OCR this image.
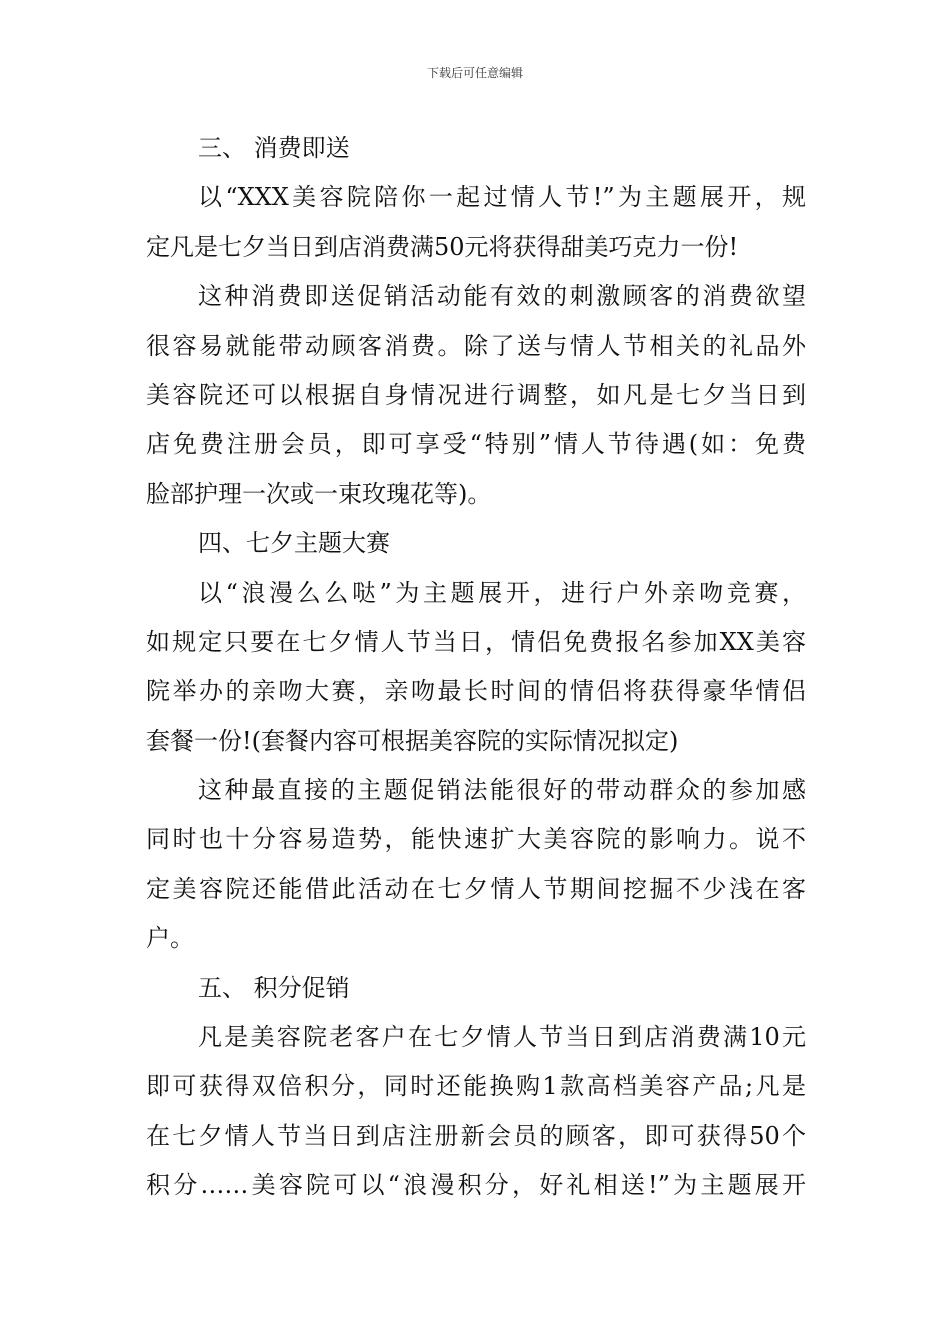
下载后可任意编辑
三、 消费即送
以“XXX美容院陪你一起过情人节!”为主题展开，规
定凡是七夕当日到店消费满50元将获得甜美巧克力一份!
这种消费即送促销活动能有效的刺激顾客的消费欲望
很容易就能带动顾客消费。除了送与情人节相关的礼品外
美容院还可以根据自身情况进行调整，如凡是七夕当日到
店免费注册会员，即可享受“特别”情人节待遇(如：免费
脸部护理一次或一束玫瑰花等)。
四、七夕主题大赛
以“浪漫么么哒”为主题展开，进行户外亲吻竞赛，
如规定只要在七夕情人节当日，情侣免费报名参加XX美容
院举办的亲吻大赛，亲吻最长时间的情侣将获得豪华情侣
套餐一份!(套餐内容可根据美容院的实际情况拟定)
这种最直接的主题促销法能很好的带动群众的参加感
同时也十分容易造势，能快速扩大美容院的影响力。说不
定美容院还能借此活动在七夕情人节期间挖掘不少浅在客
户。
五、 积分促销
凡是美容院老客户在七夕情人节当日到店消费满10元
即可获得双倍积分，同时还能换购1款高档美容产品;凡是
在七夕情人节当日到店注册新会员的顾客，即可获得50个
积分……美容院可以“浪漫积分，好礼相送!”为主题展开
